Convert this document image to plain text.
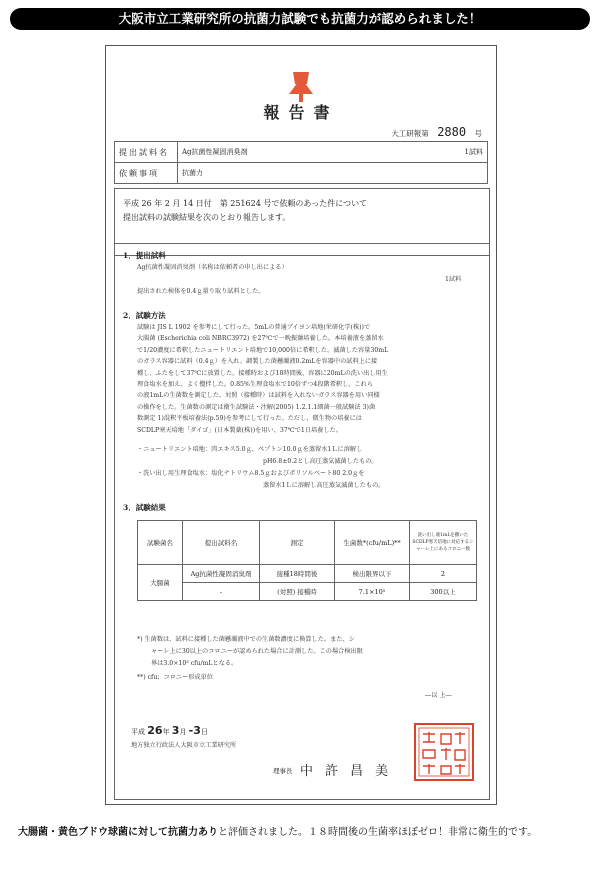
大阪市立工業研究所の抗菌力試験でも抗菌力が認められました！
報告書
大工研報第 2880 号
提出試料名	Ag抗菌性凝固消臭剤 1試料

依頼事項	抗菌力
平成 26 年 2 月 14 日付　第 251624 号で依頼のあった件について
提出試料の試験結果を次のとおり報告します。
1．提出試料
Ag抗菌性凝固消臭剤（名称は依頼者の申し出による）
1試料
提出された検体を0.4ｇ量り取り試料とした。
2．試験方法
試験は JIS L 1902 を参考にして行った。5mLの普通ブイヨン培地(栄研化学(株))で
大腸菌 (Escherichia coli NBRC3972) を27℃で一晩振盪培養した。本培養液を蒸留水
で1/20濃度に希釈したニュートリエント培地で10,000倍に希釈した。滅菌した容量30mL
のガラス容器に試料（0.4ｇ）を入れ、調製した菌懸濁液0.2mLを容器中の試料上に接
種し、ふたをして37℃に放置した。接種時および18時間後、容器に20mLの洗い出し用生
理食塩水を加え、よく攪拌した。0.85%生理食塩水で10倍ずつ4段階希釈し、これら
の液1mLの生菌数を測定した。対照（接種時）は試料を入れないガラス容器を用い同様
の操作をした。生菌数の測定は衛生試験法・注解(2005) 1.2.1.1細菌一般試験法 3)菌
数測定 1)混釈平板培養法(p.59)を参考にして行った。ただし、微生物の培養には
SCDLP寒天培地「ダイゴ」(日本製薬(株))を用い、37℃で1日培養した。
・ニュートリエント培地：肉エキス5.0ｇ、ペプトン10.0ｇを蒸留水1Ｌに溶解し
pH6.8±0.2とし高圧蒸気滅菌したもの。
・洗い出し用生理食塩水：塩化ナトリウム8.5ｇおよびポリソルベート80 2.0ｇを
蒸留水1Ｌに溶解し高圧蒸気滅菌したもの。
3．試験結果
試験菌名	提出試料名	測定	生菌数*(cfu/mL)**	洗い出し液1mLを撒いたSCDLP寒天培地に対応するシャーレ上にあるコロニー数
大腸菌	Ag抗菌性凝固消臭剤	接種18時間後	検出限界以下	2
	-	(対照) 接種時	7.1×10⁵	300以上
*) 生菌数は、試料に接種した菌懸濁液中での生菌数濃度に換算した。また、シ
ャーレ上に30以上のコロニーが認められた場合に計測した。この場合検出限
界は3.0×10³ cfu/mLとなる。
**) cfu；コロニー形成単位
―以 上―
平成 26年 3月 -3日
地方独立行政法人大阪市立工業研究所
理事長 中許昌美
大腸菌・黄色ブドウ球菌に対して抗菌力ありと評価されました。１８時間後の生菌率ほぼゼロ！非常に衛生的です。
